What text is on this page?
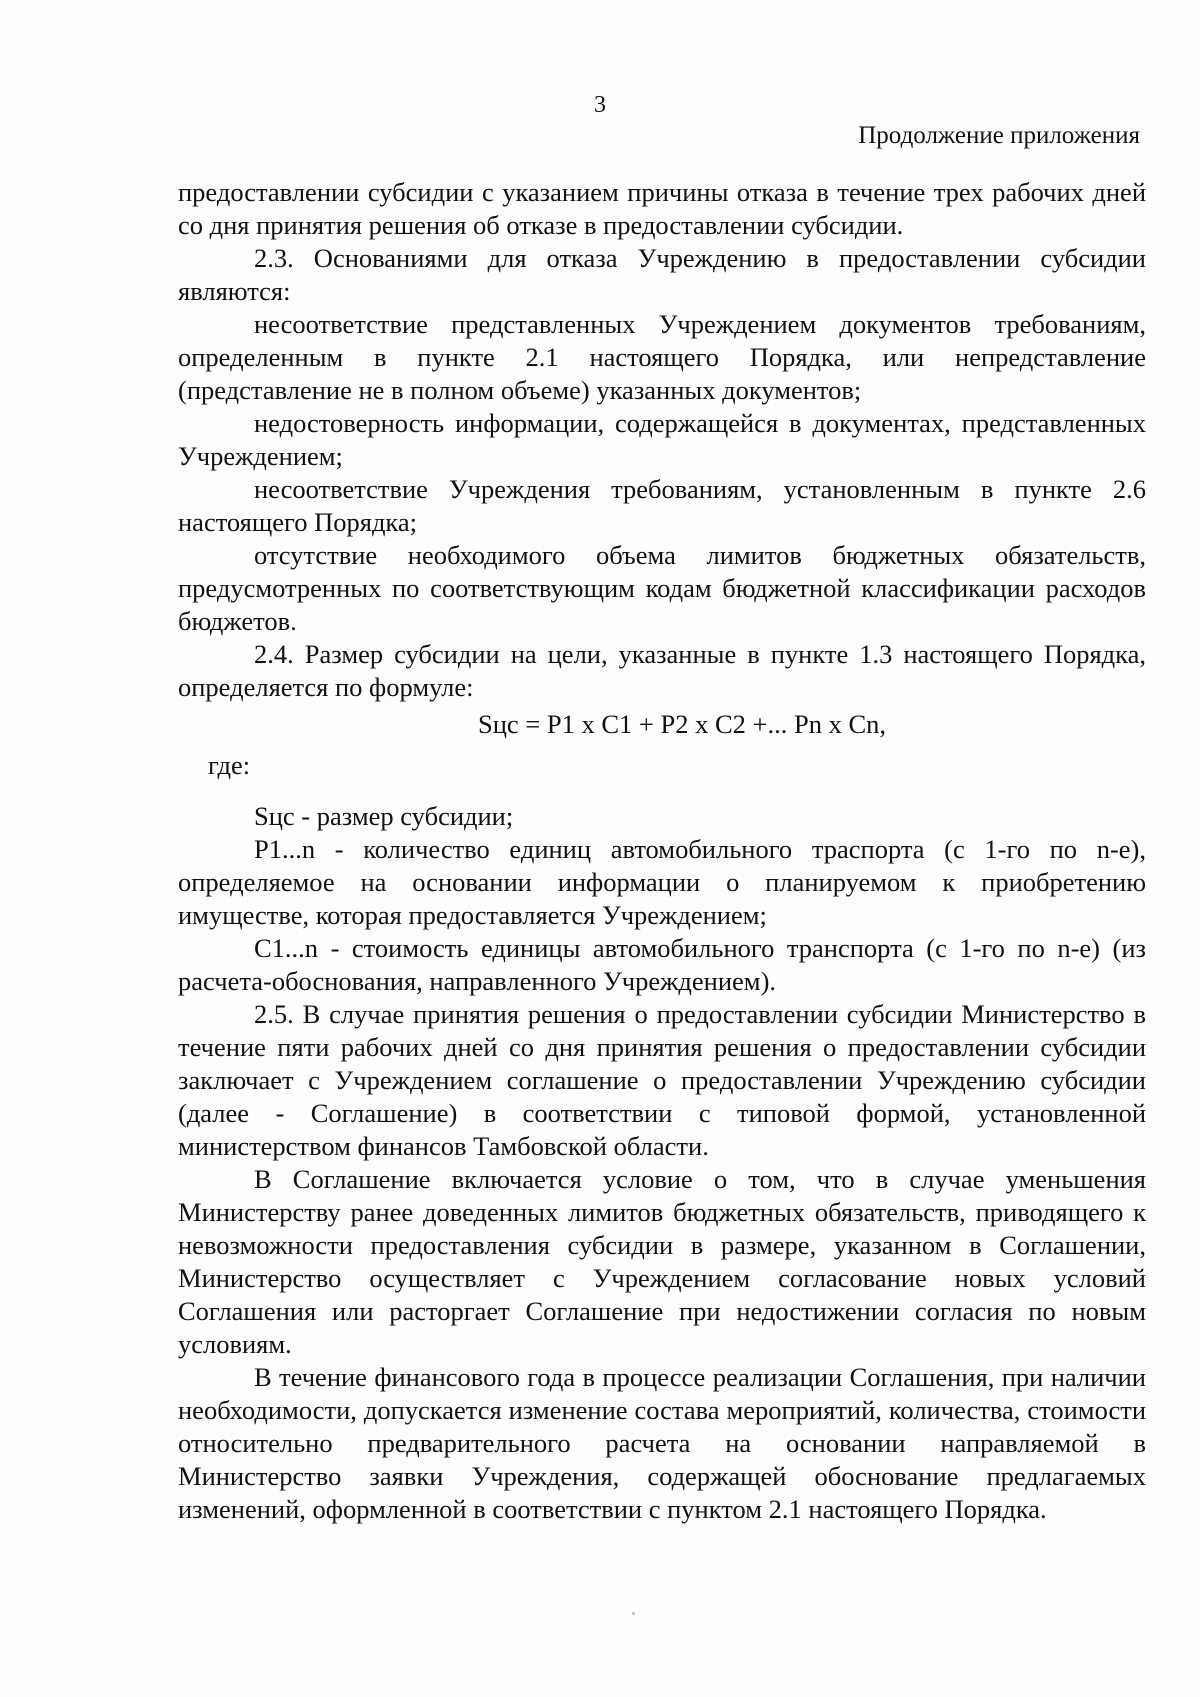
3
Продолжение приложения

предоставлении субсидии с указанием причины отказа в течение трех рабочих дней со дня принятия решения об отказе в предоставлении субсидии.

2.3. Основаниями для отказа Учреждению в предоставлении субсидии являются:

несоответствие представленных Учреждением документов требованиям, определенным в пункте 2.1 настоящего Порядка, или непредставление (представление не в полном объеме) указанных документов;

недостоверность информации, содержащейся в документах, представленных Учреждением;

несоответствие Учреждения требованиям, установленным в пункте 2.6 настоящего Порядка;

отсутствие необходимого объема лимитов бюджетных обязательств, предусмотренных по соответствующим кодам бюджетной классификации расходов бюджетов.

2.4. Размер субсидии на цели, указанные в пункте 1.3 настоящего Порядка, определяется по формуле:

Sцс = P1 x C1 + P2 x C2 +... Pn x Cn,

где:

Sцс - размер субсидии;

P1...n - количество единиц автомобильного траспорта (с 1-го по n-е), определяемое на основании информации о планируемом к приобретению имуществе, которая предоставляется Учреждением;

C1...n - стоимость единицы автомобильного транспорта (с 1-го по n-е) (из расчета-обоснования, направленного Учреждением).

2.5. В случае принятия решения о предоставлении субсидии Министерство в течение пяти рабочих дней со дня принятия решения о предоставлении субсидии заключает с Учреждением соглашение о предоставлении Учреждению субсидии (далее - Соглашение) в соответствии с типовой формой, установленной министерством финансов Тамбовской области.

В Соглашение включается условие о том, что в случае уменьшения Министерству ранее доведенных лимитов бюджетных обязательств, приводящего к невозможности предоставления субсидии в размере, указанном в Соглашении, Министерство осуществляет с Учреждением согласование новых условий Соглашения или расторгает Соглашение при недостижении согласия по новым условиям.

В течение финансового года в процессе реализации Соглашения, при наличии необходимости, допускается изменение состава мероприятий, количества, стоимости относительно предварительного расчета на основании направляемой в Министерство заявки Учреждения, содержащей обоснование предлагаемых изменений, оформленной в соответствии с пунктом 2.1 настоящего Порядка.
